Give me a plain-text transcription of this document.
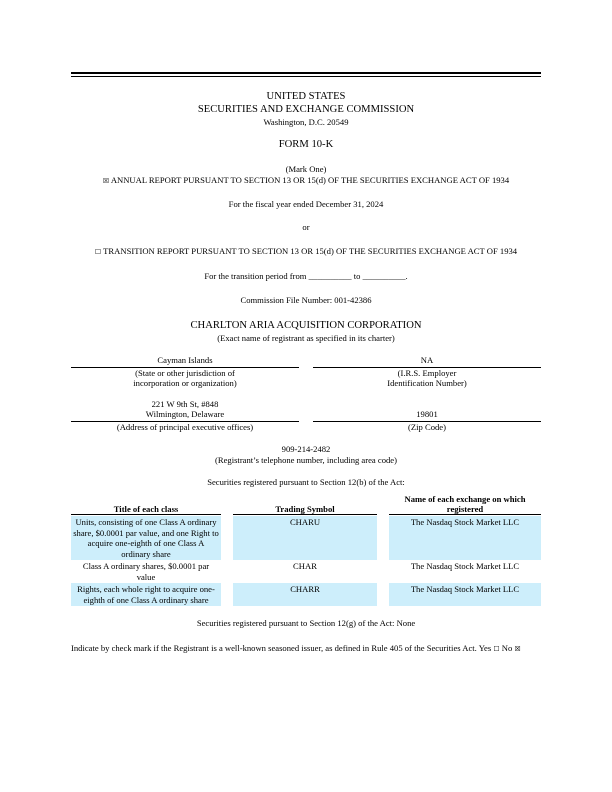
UNITED STATES
SECURITIES AND EXCHANGE COMMISSION
Washington, D.C. 20549
FORM 10-K
(Mark One)
☒ ANNUAL REPORT PURSUANT TO SECTION 13 OR 15(d) OF THE SECURITIES EXCHANGE ACT OF 1934
For the fiscal year ended December 31, 2024
or
☐ TRANSITION REPORT PURSUANT TO SECTION 13 OR 15(d) OF THE SECURITIES EXCHANGE ACT OF 1934
For the transition period from __________ to __________.
Commission File Number: 001-42386
CHARLTON ARIA ACQUISITION CORPORATION
(Exact name of registrant as specified in its charter)
Cayman Islands
(State or other jurisdiction of
incorporation or organization)
NA
(I.R.S. Employer
Identification Number)
221 W 9th St, #848
Wilmington, Delaware
(Address of principal executive offices)

19801
(Zip Code)
909-214-2482
(Registrant’s telephone number, including area code)
Securities registered pursuant to Section 12(b) of the Act:
Title of each class		Trading Symbol		Name of each exchange on which registered

Units, consisting of one Class A ordinary share, $0.0001 par value, and one Right to acquire one-eighth of one Class A ordinary share		CHARU		The Nasdaq Stock Market LLC
Class A ordinary shares, $0.0001 par value		CHAR		The Nasdaq Stock Market LLC
Rights, each whole right to acquire one-eighth of one Class A ordinary share		CHARR		The Nasdaq Stock Market LLC
Securities registered pursuant to Section 12(g) of the Act: None
Indicate by check mark if the Registrant is a well-known seasoned issuer, as defined in Rule 405 of the Securities Act. Yes ☐ No ☒
